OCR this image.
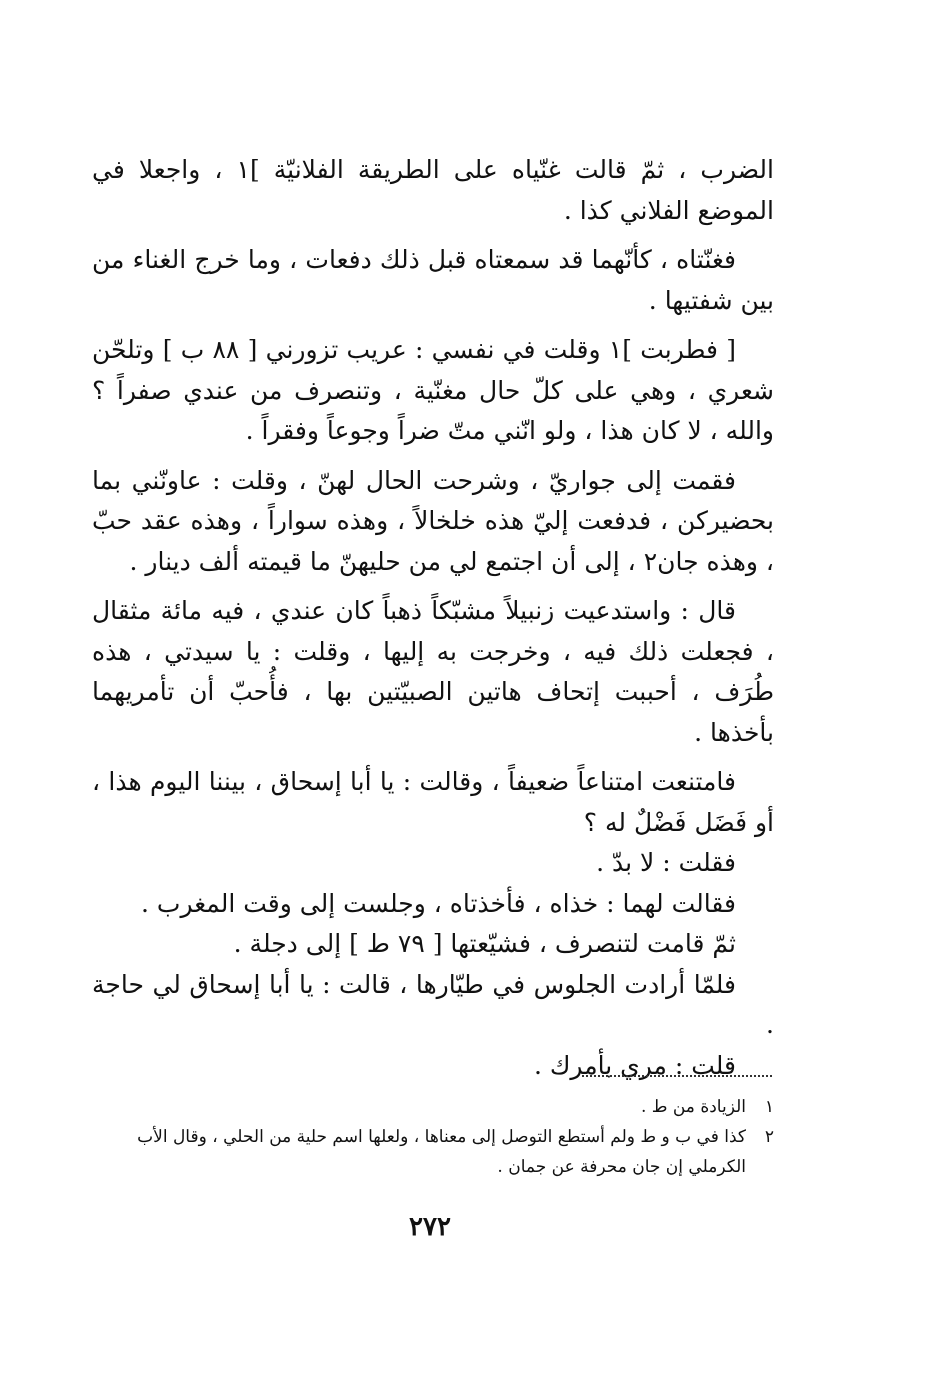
الضرب ، ثمّ قالت غنّياه على الطريقة الفلانيّة ]١ ، واجعلا في الموضع الفلاني كذا .

فغنّتاه ، كأنّهما قد سمعتاه قبل ذلك دفعات ، وما خرج الغناء من بين شفتيها .

[ فطربت ]١ وقلت في نفسي : عريب تزورني [ ٨٨ ب ] وتلحّن شعري ، وهي على كلّ حال مغنّية ، وتنصرف من عندي صفراً ؟ والله ، لا كان هذا ، ولو انّني متّ ضراً وجوعاً وفقراً .

فقمت إلى جواريّ ، وشرحت الحال لهنّ ، وقلت : عاونّني بما بحضيركن ، فدفعت إليّ هذه خلخالاً ، وهذه سواراً ، وهذه عقد حبّ ، وهذه جان٢ ، إلى أن اجتمع لي من حليهنّ ما قيمته ألف دينار .

قال : واستدعيت زنبيلاً مشبّكاً ذهباً كان عندي ، فيه مائة مثقال ، فجعلت ذلك فيه ، وخرجت به إليها ، وقلت : يا سيدتي ، هذه طُرَف ، أحببت إتحاف هاتين الصبيّتين بها ، فأُحبّ أن تأمريهما بأخذها .

فامتنعت امتناعاً ضعيفاً ، وقالت : يا أبا إسحاق ، بيننا اليوم هذا ، أو فَضَل فَضْلٌ له ؟

فقلت : لا بدّ .

فقالت لهما : خذاه ، فأخذتاه ، وجلست إلى وقت المغرب .

ثمّ قامت لتنصرف ، فشيّعتها [ ٧٩ ط ] إلى دجلة .

فلمّا أرادت الجلوس في طيّارها ، قالت : يا أبا إسحاق لي حاجة .

قلت : مري بأمرك .

١الزيادة من ط .

٢كذا في ب و ط ولم أستطع التوصل إلى معناها ، ولعلها اسم حلية من الحلي ، وقال الأب

الكرملي إن جان محرفة عن جمان .

٢٧٢
